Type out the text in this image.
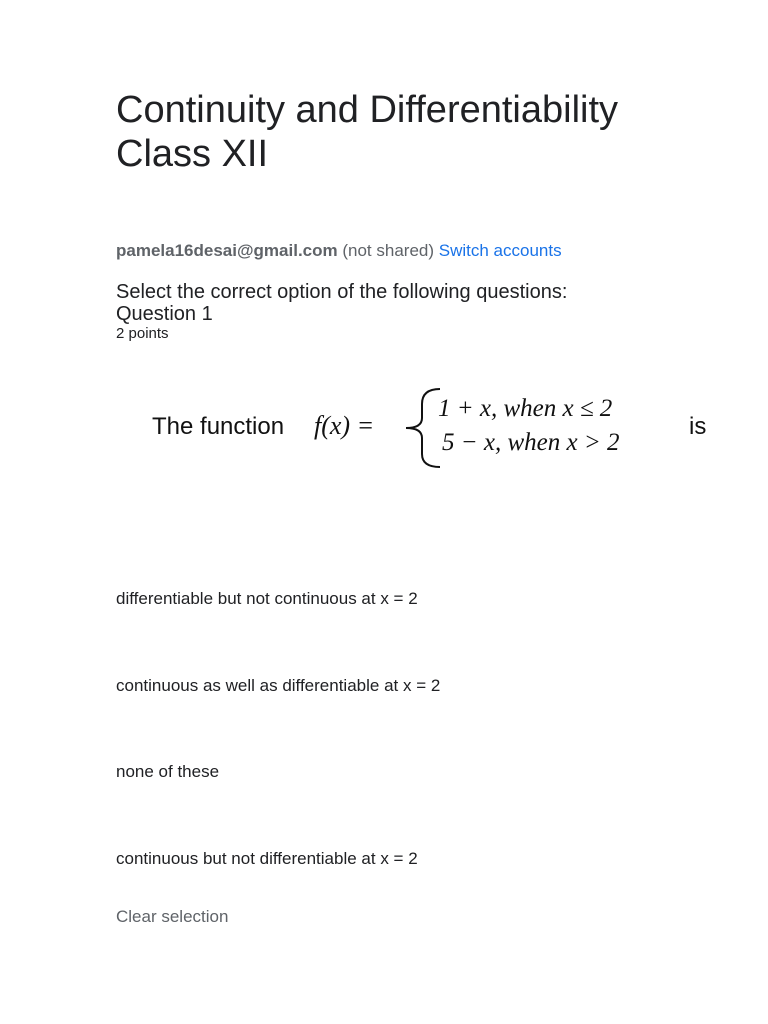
Continuity and Differentiability Class XII
pamela16desai@gmail.com (not shared) Switch accounts
Select the correct option of the following questions:
Question 1
2 points
The function f(x) =
1 + x, when x ≤ 2
5 − x, when x > 2
is
differentiable but not continuous at x = 2
continuous as well as differentiable at x = 2
none of these
continuous but not differentiable at x = 2
Clear selection
